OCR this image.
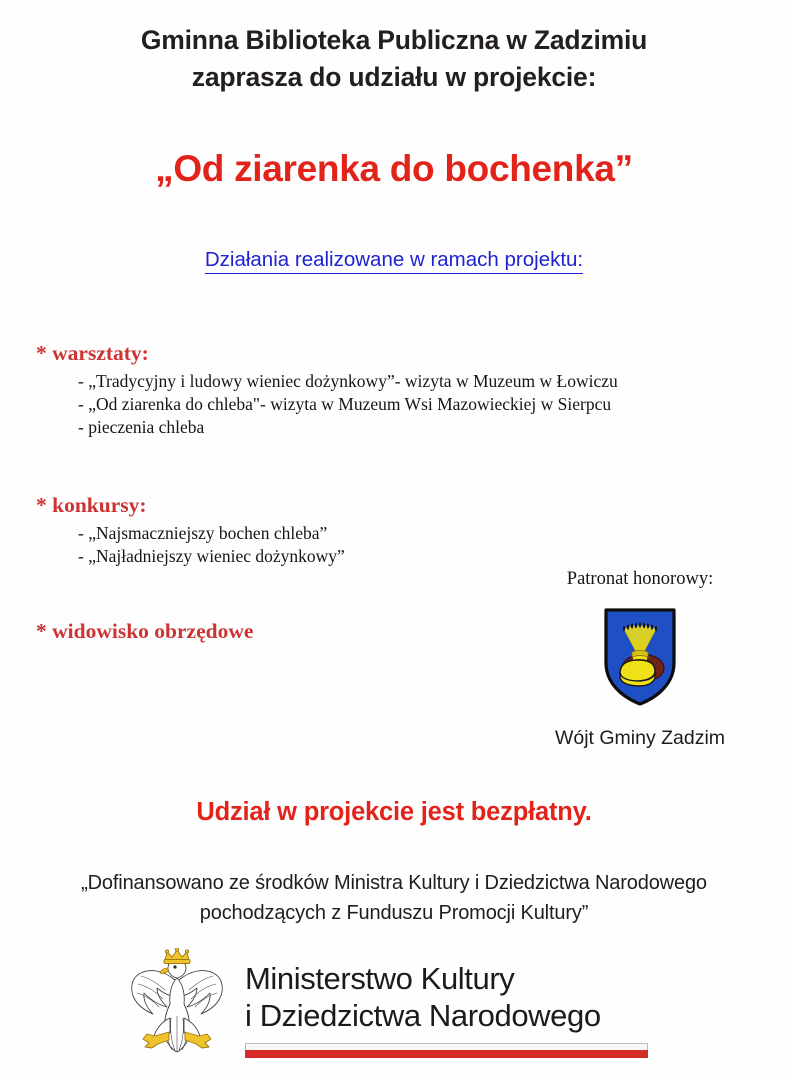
Gminna Biblioteka Publiczna w Zadzimiu
zaprasza do udziału w projekcie:
„Od ziarenka do bochenka”
Działania realizowane w ramach projektu:
* warsztaty:
- „Tradycyjny i ludowy wieniec dożynkowy”- wizyta w Muzeum w Łowiczu
- „Od ziarenka do chleba"- wizyta w Muzeum Wsi Mazowieckiej w Sierpcu
- pieczenia chleba
* konkursy:
- „Najsmaczniejszy bochen chleba”
- „Najładniejszy wieniec dożynkowy”
* widowisko obrzędowe
Patronat honorowy:
Wójt Gminy Zadzim
Udział w projekcie jest bezpłatny.
„Dofinansowano ze środków Ministra Kultury i Dziedzictwa Narodowego
pochodzących z Funduszu Promocji Kultury”
Ministerstwo Kultury
i Dziedzictwa Narodowego
